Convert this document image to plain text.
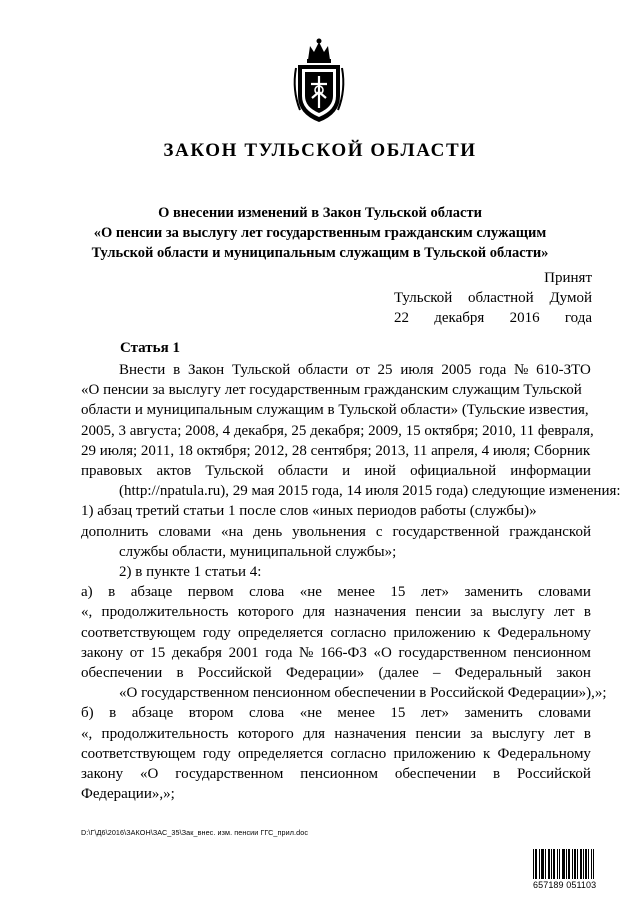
ЗАКОН ТУЛЬСКОЙ ОБЛАСТИ
О внесении изменений в Закон Тульской области
«О пенсии за выслугу лет государственным гражданским служащим
Тульской области и муниципальным служащим в Тульской области»
Принят
Тульской областной Думой
22 декабря 2016 года
Статья 1
Внести в Закон Тульской области от 25 июля 2005 года № 610-ЗТО
«О пенсии за выслугу лет государственным гражданским служащим Тульской
области и муниципальным служащим в Тульской области» (Тульские известия,
2005, 3 августа; 2008, 4 декабря, 25 декабря; 2009, 15 октября; 2010, 11 февраля,
29 июля; 2011, 18 октября; 2012, 28 сентября; 2013, 11 апреля, 4 июля; Сборник
правовых актов Тульской области и иной официальной информации
(http://npatula.ru), 29 мая 2015 года, 14 июля 2015 года) следующие изменения:
1) абзац третий статьи 1 после слов «иных периодов работы (службы)»
дополнить словами «на день увольнения с государственной гражданской
службы области, муниципальной службы»;
2) в пункте 1 статьи 4:
а) в абзаце первом слова «не менее 15 лет» заменить словами
«, продолжительность которого для назначения пенсии за выслугу лет в
соответствующем году определяется согласно приложению к Федеральному
закону от 15 декабря 2001 года № 166-ФЗ «О государственном пенсионном
обеспечении в Российской Федерации» (далее – Федеральный закон
«О государственном пенсионном обеспечении в Российской Федерации»),»;
б) в абзаце втором слова «не менее 15 лет» заменить словами
«, продолжительность которого для назначения пенсии за выслугу лет в
соответствующем году определяется согласно приложению к Федеральному
закону «О государственном пенсионном обеспечении в Российской
Федерации»,»;
D:\Г\Д6\2016\ЗАКОН\ЗАС_35\Зак_внес. изм. пенсии ГГС_прил.doc
657189 051103
